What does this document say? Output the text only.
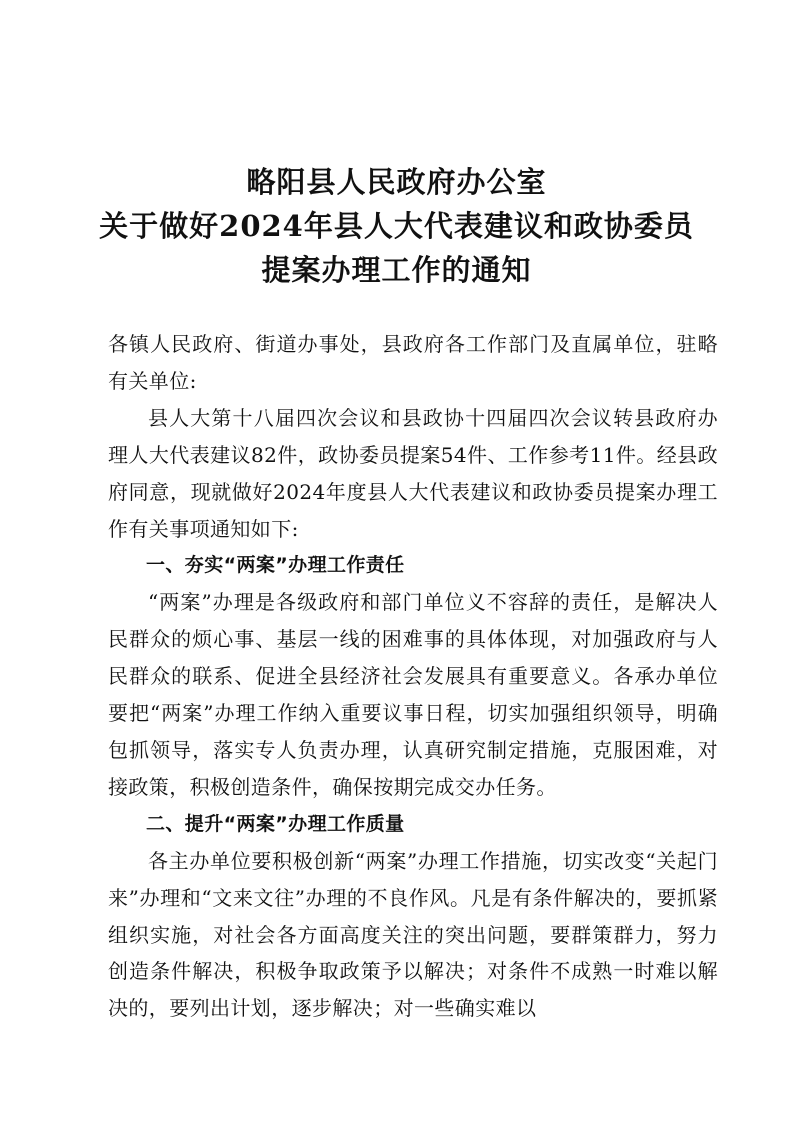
略阳县人民政府办公室
关于做好2024年县人大代表建议和政协委员
提案办理工作的通知

各镇人民政府、街道办事处，县政府各工作部门及直属单位，驻略有关单位:

县人大第十八届四次会议和县政协十四届四次会议转县政府办理人大代表建议82件，政协委员提案54件、工作参考11件。经县政府同意，现就做好2024年度县人大代表建议和政协委员提案办理工作有关事项通知如下:

一、夯实“两案”办理工作责任

“两案”办理是各级政府和部门单位义不容辞的责任，是解决人民群众的烦心事、基层一线的困难事的具体体现，对加强政府与人民群众的联系、促进全县经济社会发展具有重要意义。各承办单位要把“两案”办理工作纳入重要议事日程，切实加强组织领导，明确包抓领导，落实专人负责办理，认真研究制定措施，克服困难，对接政策，积极创造条件，确保按期完成交办任务。

二、提升“两案”办理工作质量

各主办单位要积极创新“两案”办理工作措施，切实改变“关起门来”办理和“文来文往”办理的不良作风。凡是有条件解决的，要抓紧组织实施，对社会各方面高度关注的突出问题，要群策群力，努力创造条件解决，积极争取政策予以解决；对条件不成熟一时难以解决的，要列出计划，逐步解决；对一些确实难以
